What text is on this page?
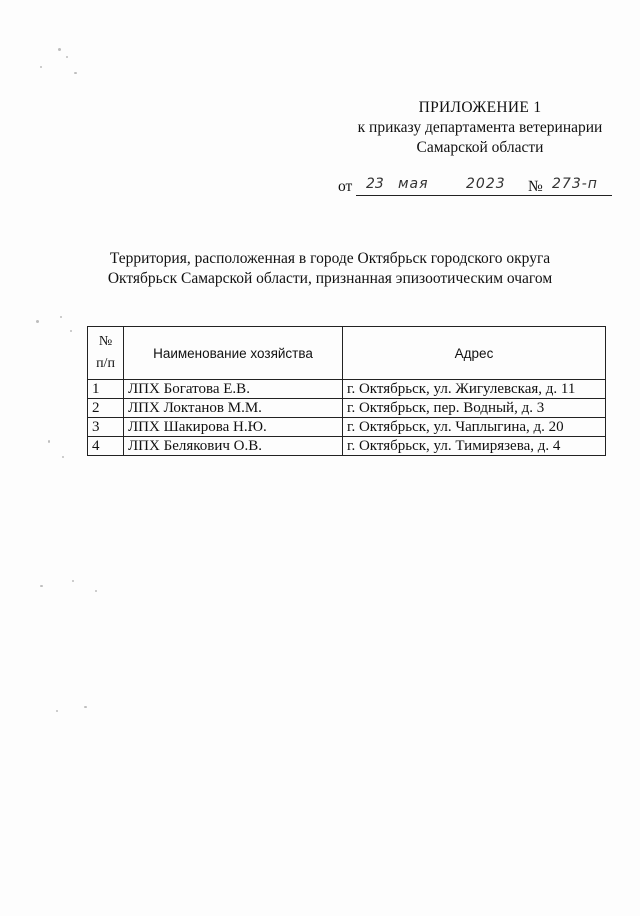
ПРИЛОЖЕНИЕ 1
к приказу департамента ветеринарии
Самарской области
от 23 мая	2023 № 273-п
Территория, расположенная в городе Октябрьск городского округа
Октябрьск Самарской области, признанная эпизоотическим очагом
№
п/п	Наименование хозяйства	Адрес
1	ЛПХ Богатова Е.В.	г. Октябрьск, ул. Жигулевская, д. 11
2	ЛПХ Локтанов М.М.	г. Октябрьск, пер. Водный, д. 3
3	ЛПХ Шакирова Н.Ю.	г. Октябрьск, ул. Чаплыгина, д. 20
4	ЛПХ Белякович О.В.	г. Октябрьск, ул. Тимирязева, д. 4
